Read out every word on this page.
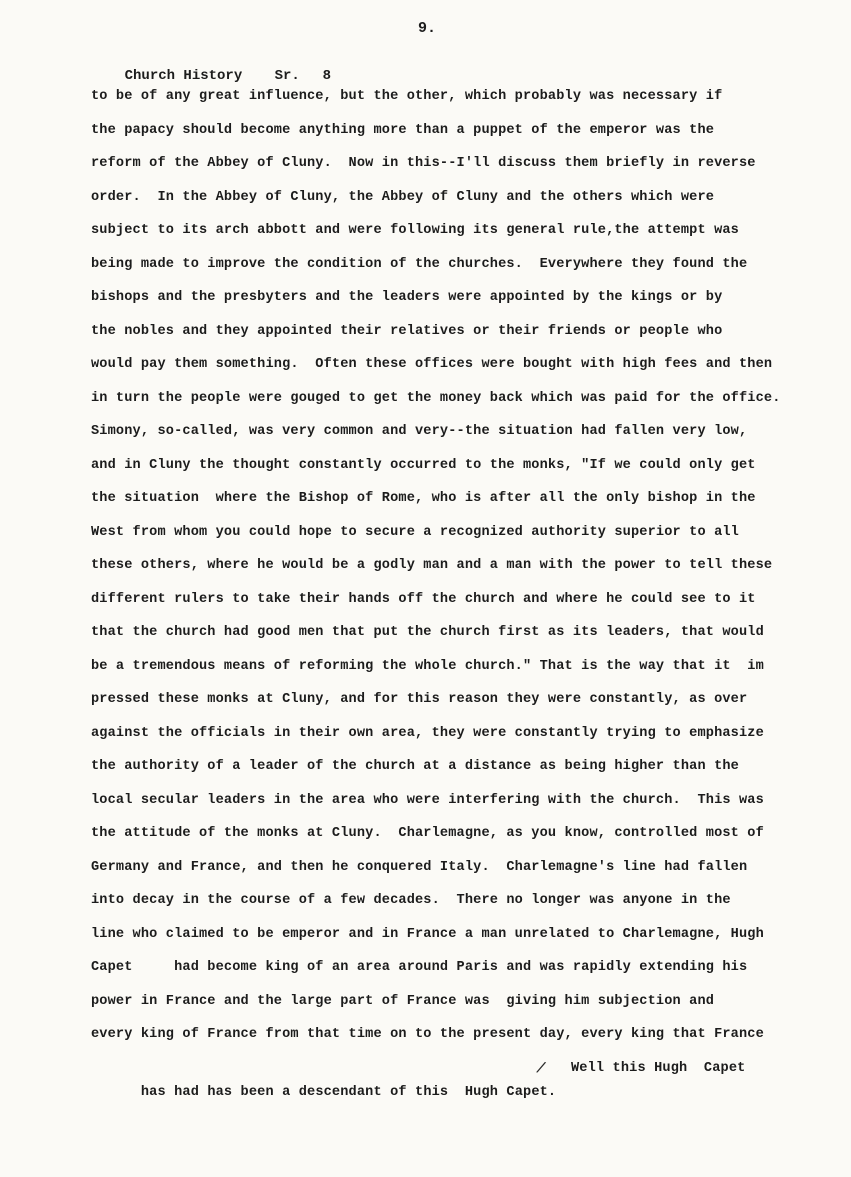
9.

Church History Sr. 8

to be of any great influence, but the other, which probably was necessary if
the papacy should become anything more than a puppet of the emperor was the
reform of the Abbey of Cluny.  Now in this--I'll discuss them briefly in reverse
order.  In the Abbey of Cluny, the Abbey of Cluny and the others which were
subject to its arch abbott and were following its general rule,the attempt was
being made to improve the condition of the churches.  Everywhere they found the
bishops and the presbyters and the leaders were appointed by the kings or by
the nobles and they appointed their relatives or their friends or people who
would pay them something.  Often these offices were bought with high fees and then
in turn the people were gouged to get the money back which was paid for the office.
Simony, so-called, was very common and very--the situation had fallen very low,
and in Cluny the thought constantly occurred to the monks, "If we could only get
the situation  where the Bishop of Rome, who is after all the only bishop in the
West from whom you could hope to secure a recognized authority superior to all
these others, where he would be a godly man and a man with the power to tell these
different rulers to take their hands off the church and where he could see to it
that the church had good men that put the church first as its leaders, that would
be a tremendous means of reforming the whole church." That is the way that it  im
pressed these monks at Cluny, and for this reason they were constantly, as over
against the officials in their own area, they were constantly trying to emphasize
the authority of a leader of the church at a distance as being higher than the
local secular leaders in the area who were interfering with the church.  This was
the attitude of the monks at Cluny.  Charlemagne, as you know, controlled most of
Germany and France, and then he conquered Italy.  Charlemagne's line had fallen
into decay in the course of a few decades.  There no longer was anyone in the
line who claimed to be emperor and in France a man unrelated to Charlemagne, Hugh
Capet     had become king of an area around Paris and was rapidly extending his
power in France and the large part of France was  giving him subjection and
every king of France from that time on to the present day, every king that France

has had has been a descendant of this  Hugh Capet.

/

Well this Hugh  Capet
